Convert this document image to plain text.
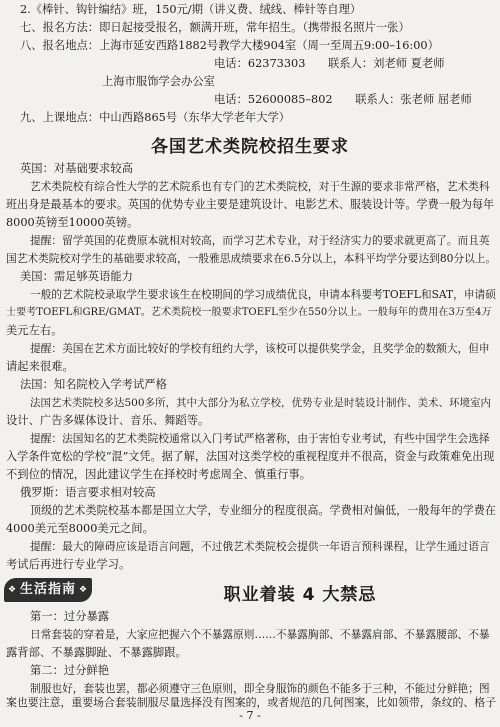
2.《棒针、钩针编结》班，150元/期（讲义费、绒线、棒针等自理）
七、报名方法：即日起接受报名，额满开班，常年招生。（携带报名照片一张）
八、报名地点：上海市延安西路1882号教学大楼904室（周一至周五9:00–16:00）
电话：62373303　　联系人：刘老师 夏老师
上海市服饰学会办公室
电话：52600085–802　　联系人：张老师 屈老师
九、上课地点：中山西路865号（东华大学老年大学）
各国艺术类院校招生要求
英国：对基础要求较高
艺术类院校有综合性大学的艺术院系也有专门的艺术类院校，对于生源的要求非常严格，艺术类科
班出身是最基本的要求。英国的优势专业主要是建筑设计、电影艺术、服装设计等。学费一般为每年
8000英镑至10000英镑。
提醒：留学英国的花费原本就相对较高，而学习艺术专业，对于经济实力的要求就更高了。而且英
国艺术类院校对学生的基础要求较高，一般雅思成绩要求在6.5分以上，本科平均学分要达到80分以上。
美国：需足够英语能力
一般的艺术院校录取学生要求该生在校期间的学习成绩优良，申请本科要考TOEFL和SAT，申请硕
士要考TOEFL和GRE/GMAT。艺术类院校一般要求TOEFL至少在550分以上。一般每年的费用在3万至4万
美元左右。
提醒：美国在艺术方面比较好的学校有纽约大学，该校可以提供奖学金，且奖学金的数额大，但申
请起来很难。
法国：知名院校入学考试严格
法国艺术类院校多达500多所，其中大部分为私立学校，优势专业是时装设计制作、美术、环境室内
设计、广告多媒体设计、音乐、舞蹈等。
提醒：法国知名的艺术类院校通常以入门考试严格著称，由于害怕专业考试，有些中国学生会选择
入学条件宽松的学校“混”文凭。据了解，法国对这类学校的重视程度并不很高，资金与政策难免出现
不到位的情况，因此建议学生在择校时考虑周全、慎重行事。
俄罗斯：语言要求相对较高
顶级的艺术类院校基本都是国立大学，专业细分的程度很高。学费相对偏低，一般每年的学费在
4000美元至8000美元之间。
提醒：最大的障碍应该是语言问题，不过俄艺术类院校会提供一年语言预科课程，让学生通过语言
考试后再进行专业学习。
❖	❖
生活指南	职业着装 4 大禁忌
第一：过分暴露
日常套装的穿着是，大家应把握六个不暴露原则……不暴露胸部、不暴露肩部、不暴露腰部、不暴
露背部、不暴露脚趾、不暴露脚跟。
第二：过分鲜艳
制服也好，套装也罢，都必须遵守三色原则，即全身服饰的颜色不能多于三种，不能过分鲜艳；图
案也要注意，重要场合套装制服尽量选择没有图案的，或者规范的几何图案，比如领带，条纹的、格子
- 7 -
